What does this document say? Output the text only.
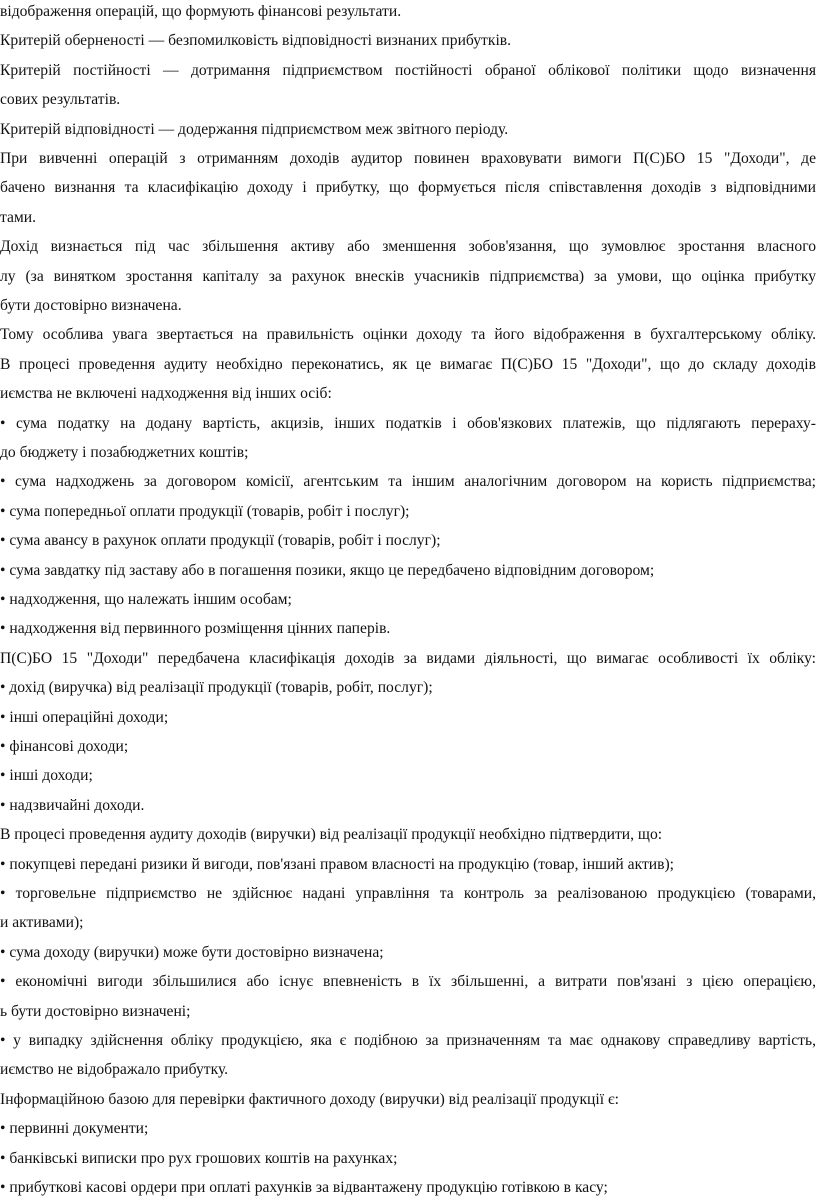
відображення операцій, що формують фінансові результати.
Критерій оберненості — безпомилковість відповідності визнаних прибутків.
Критерій постійності — дотримання підприємством постійності обраної облікової політики щодо визначення
сових результатів.
Критерій відповідності — додержання підприємством меж звітного періоду.
При вивченні операцій з отриманням доходів аудитор повинен враховувати вимоги П(С)БО 15 "Доходи", де
бачено визнання та класифікацію доходу і прибутку, що формується після співставлення доходів з відповідними
тами.
Дохід визнається під час збільшення активу або зменшення зобов'язання, що зумовлює зростання власного
лу (за винятком зростання капіталу за рахунок внесків учасників підприємства) за умови, що оцінка прибутку
бути достовірно визначена.
Тому особлива увага звертається на правильність оцінки доходу та його відображення в бухгалтерському обліку.
В процесі проведення аудиту необхідно переконатись, як це вимагає П(С)БО 15 "Доходи", що до складу доходів
иємства не включені надходження від інших осіб:
• сума податку на додану вартість, акцизів, інших податків і обов'язкових платежів, що підлягають перераху-
до бюджету і позабюджетних коштів;
• сума надходжень за договором комісії, агентським та іншим аналогічним договором на користь підприємства;
• сума попередньої оплати продукції (товарів, робіт і послуг);
• сума авансу в рахунок оплати продукції (товарів, робіт і послуг);
• сума завдатку під заставу або в погашення позики, якщо це передбачено відповідним договором;
• надходження, що належать іншим особам;
• надходження від первинного розміщення цінних паперів.
П(С)БО 15 "Доходи" передбачена класифікація доходів за видами діяльності, що вимагає особливості їх обліку:
• дохід (виручка) від реалізації продукції (товарів, робіт, послуг);
• інші операційні доходи;
• фінансові доходи;
• інші доходи;
• надзвичайні доходи.
В процесі проведення аудиту доходів (виручки) від реалізації продукції необхідно підтвердити, що:
• покупцеві передані ризики й вигоди, пов'язані правом власності на продукцію (товар, інший актив);
• торговельне підприємство не здійснює надані управління та контроль за реалізованою продукцією (товарами,
и активами);
• сума доходу (виручки) може бути достовірно визначена;
• економічні вигоди збільшилися або існує впевненість в їх збільшенні, а витрати пов'язані з цією операцією,
ь бути достовірно визначені;
• у випадку здійснення обліку продукцією, яка є подібною за призначенням та має однакову справедливу вартість,
иємство не відображало прибутку.
Інформаційною базою для перевірки фактичного доходу (виручки) від реалізації продукції є:
• первинні документи;
• банківські виписки про рух грошових коштів на рахунках;
• прибуткові касові ордери при оплаті рахунків за відвантажену продукцію готівкою в касу;
